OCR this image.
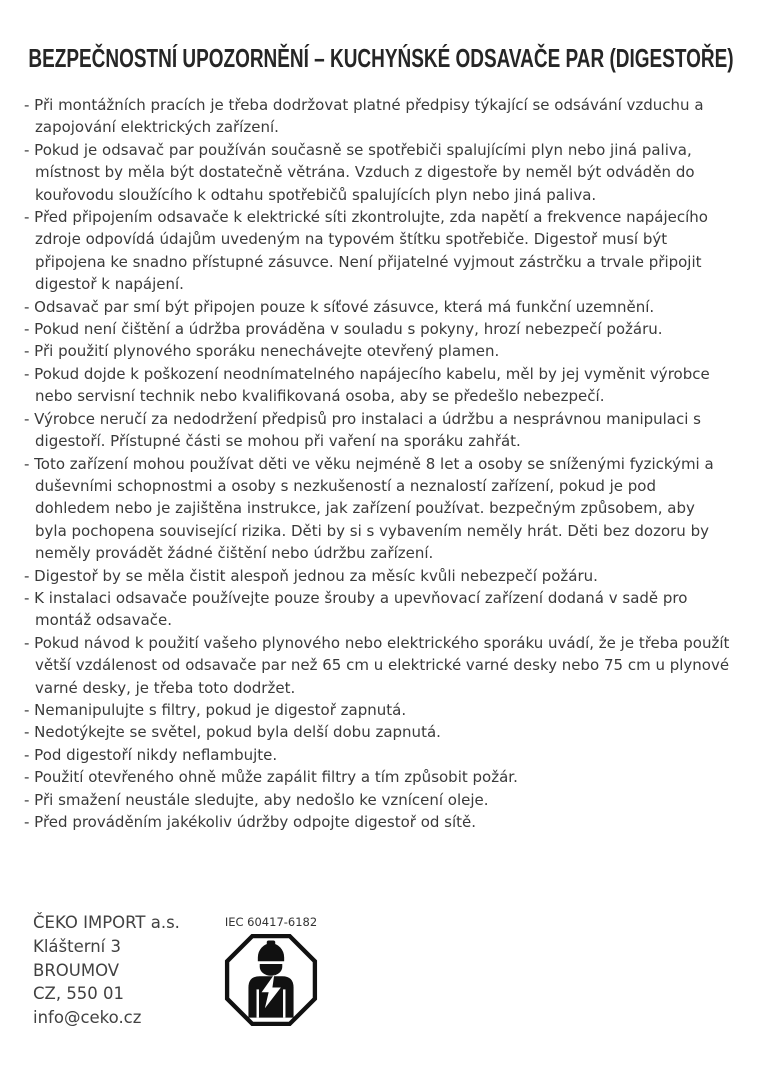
BEZPEČNOSTNÍ UPOZORNĚNÍ – KUCHYŃSKÉ ODSAVAČE PAR (DIGESTOŘE)
- Při montážních pracích je třeba dodržovat platné předpisy týkající se odsávání vzduchu a zapojování elektrických zařízení.
- Pokud je odsavač par používán současně se spotřebiči spalujícími plyn nebo jiná paliva, místnost by měla být dostatečně větrána. Vzduch z digestoře by neměl být odváděn do kouřovodu sloužícího k odtahu spotřebičů spalujících plyn nebo jiná paliva.
- Před připojením odsavače k elektrické síti zkontrolujte, zda napětí a frekvence napájecího zdroje odpovídá údajům uvedeným na typovém štítku spotřebiče. Digestoř musí být připojena ke snadno přístupné zásuvce. Není přijatelné vyjmout zástrčku a trvale připojit digestoř k napájení.
- Odsavač par smí být připojen pouze k síťové zásuvce, která má funkční uzemnění.
- Pokud není čištění a údržba prováděna v souladu s pokyny, hrozí nebezpečí požáru.
- Při použití plynového sporáku nenechávejte otevřený plamen.
- Pokud dojde k poškození neodnímatelného napájecího kabelu, měl by jej vyměnit výrobce nebo servisní technik nebo kvalifikovaná osoba, aby se předešlo nebezpečí.
- Výrobce neručí za nedodržení předpisů pro instalaci a údržbu a nesprávnou manipulaci s digestoří. Přístupné části se mohou při vaření na sporáku zahřát.
- Toto zařízení mohou používat děti ve věku nejméně 8 let a osoby se sníženými fyzickými a duševními schopnostmi a osoby s nezkušeností a neznalostí zařízení, pokud je pod dohledem nebo je zajištěna instrukce, jak zařízení používat. bezpečným způsobem, aby byla pochopena související rizika. Děti by si s vybavením neměly hrát. Děti bez dozoru by neměly provádět žádné čištění nebo údržbu zařízení.
- Digestoř by se měla čistit alespoň jednou za měsíc kvůli nebezpečí požáru.
- K instalaci odsavače používejte pouze šrouby a upevňovací zařízení dodaná v sadě pro montáž odsavače.
- Pokud návod k použití vašeho plynového nebo elektrického sporáku uvádí, že je třeba použít větší vzdálenost od odsavače par než 65 cm u elektrické varné desky nebo 75 cm u plynové varné desky, je třeba toto dodržet.
- Nemanipulujte s filtry, pokud je digestoř zapnutá.
- Nedotýkejte se světel, pokud byla delší dobu zapnutá.
- Pod digestoří nikdy neflambujte.
- Použití otevřeného ohně může zapálit filtry a tím způsobit požár.
- Při smažení neustále sledujte, aby nedošlo ke vznícení oleje.
- Před prováděním jakékoliv údržby odpojte digestoř od sítě.
ČEKO IMPORT a.s.
Klášterní 3
BROUMOV
CZ, 550 01
info@ceko.cz
IEC 60417-6182
